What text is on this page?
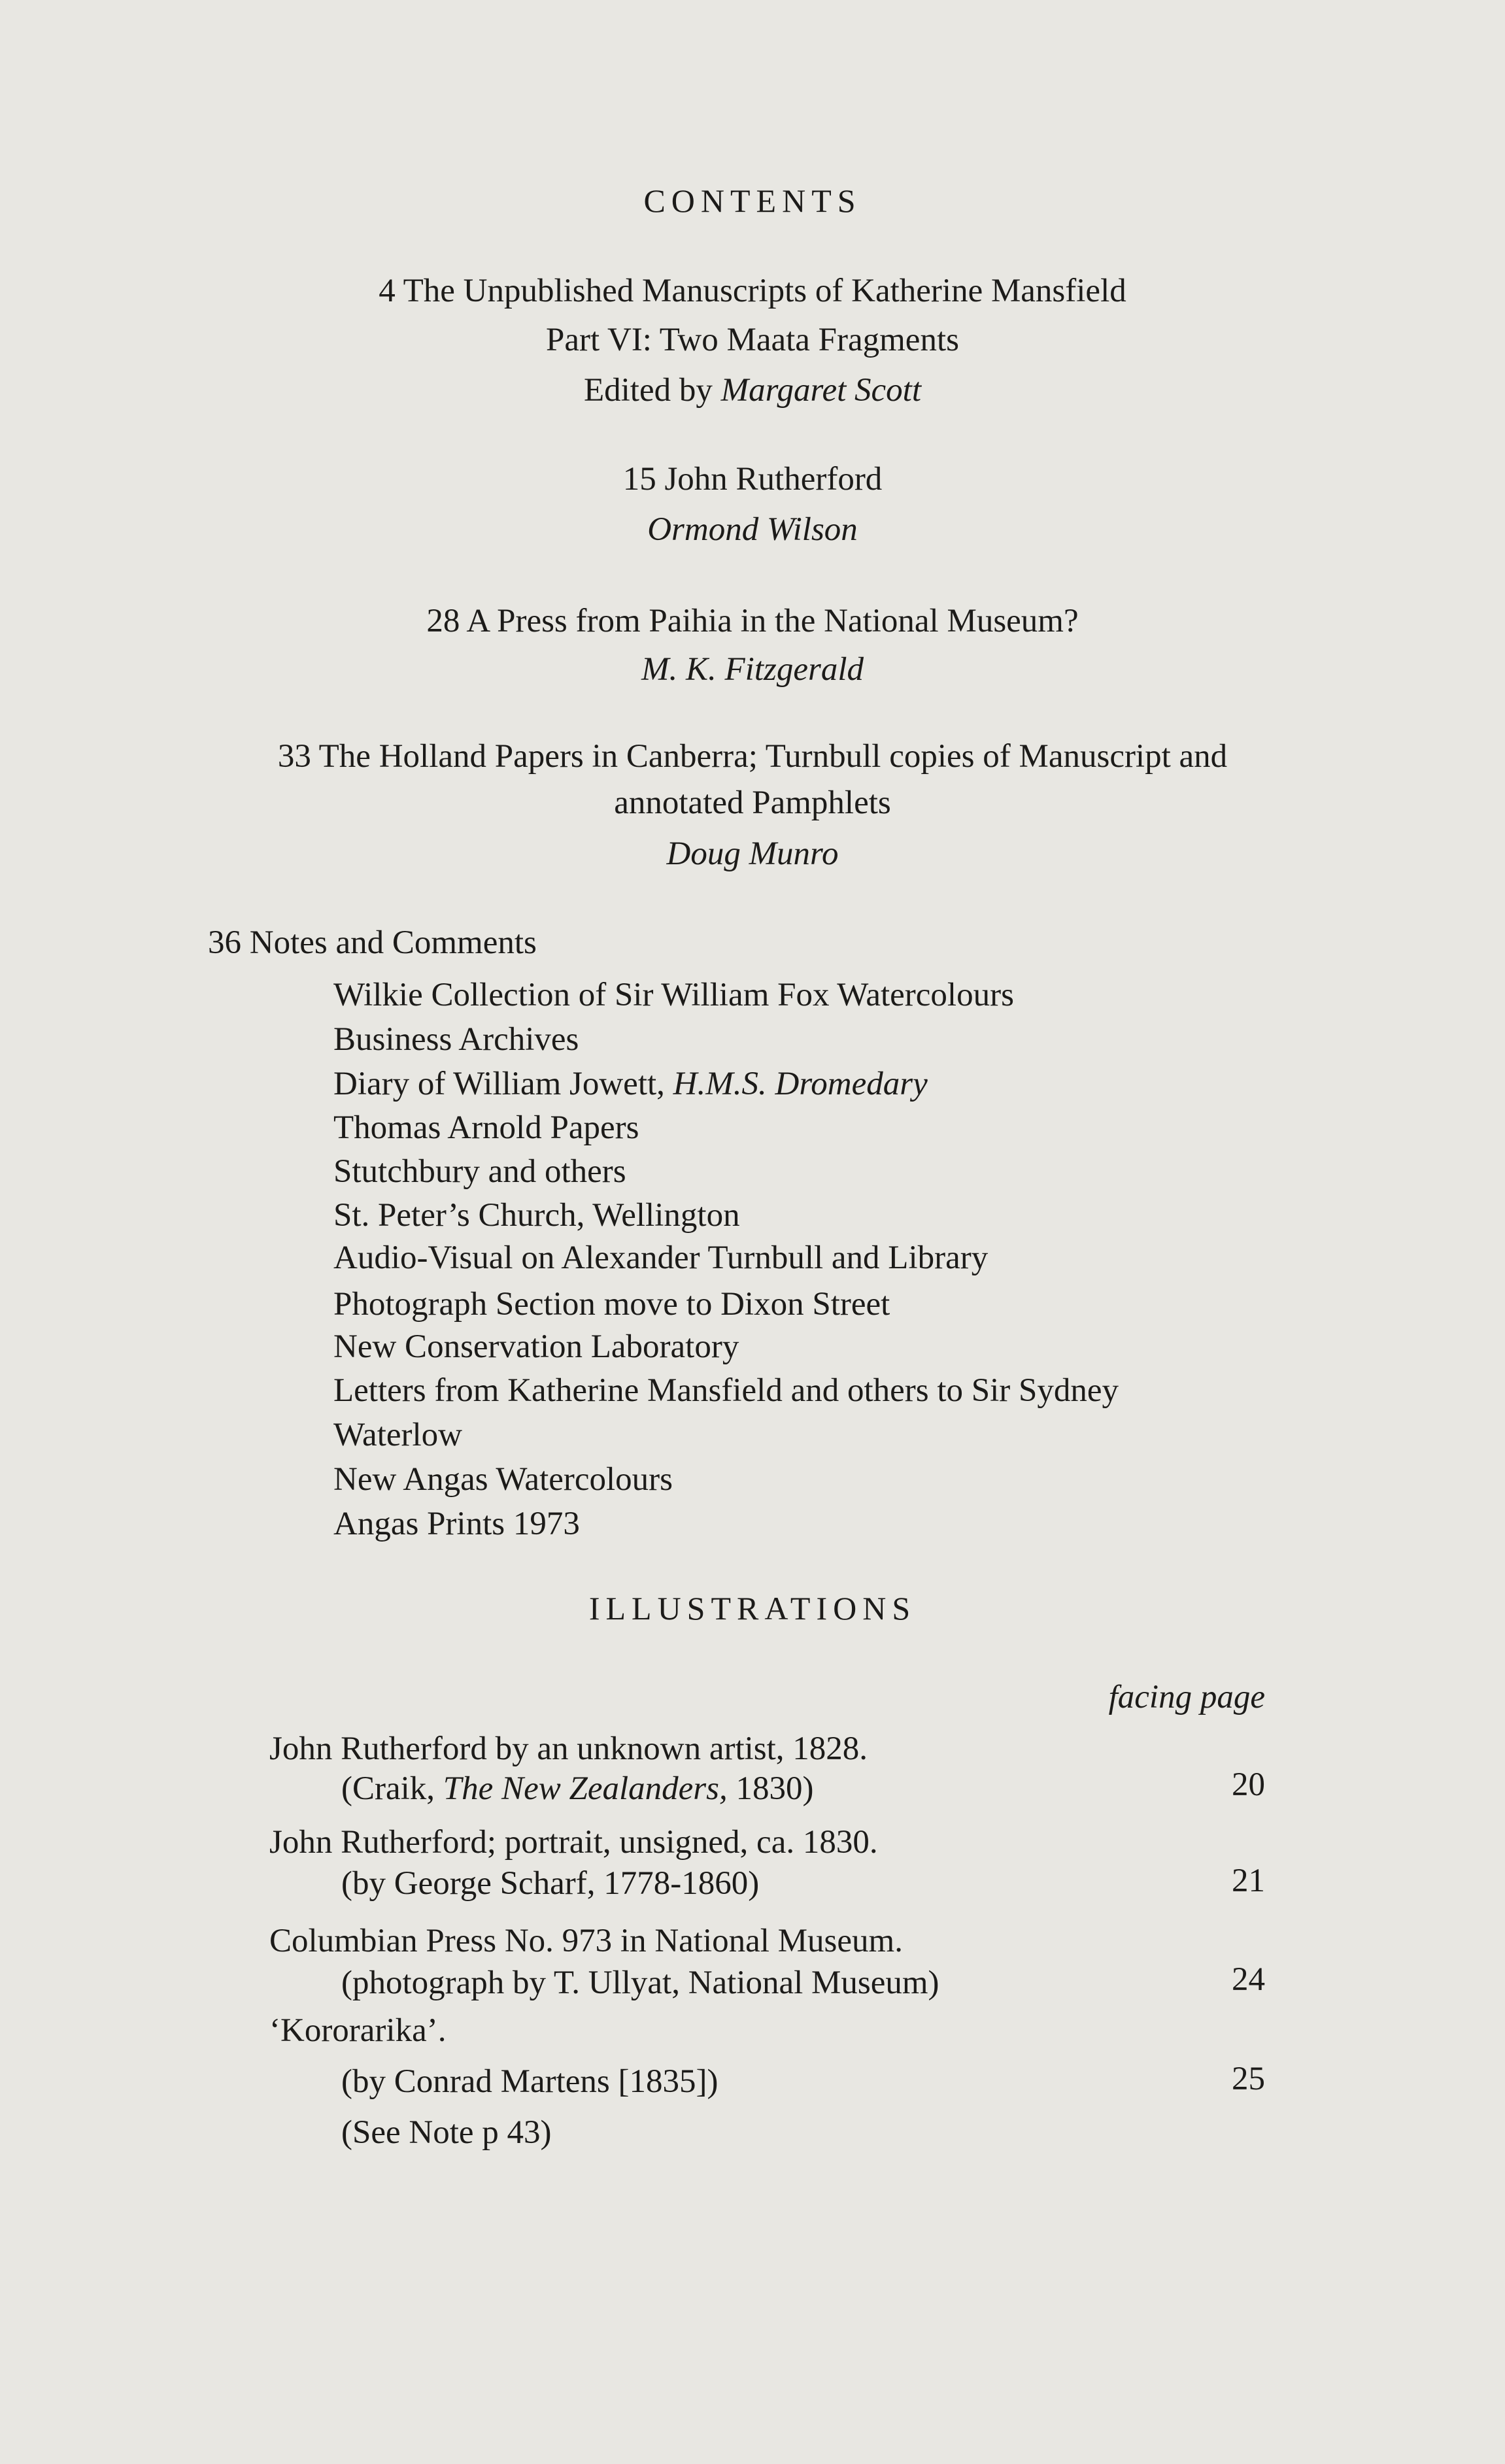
CONTENTS
4 The Unpublished Manuscripts of Katherine Mansfield
Part VI: Two Maata Fragments
Edited by Margaret Scott
15 John Rutherford
Ormond Wilson
28 A Press from Paihia in the National Museum?
M. K. Fitzgerald
33 The Holland Papers in Canberra; Turnbull copies of Manuscript and
annotated Pamphlets
Doug Munro
36 Notes and Comments
Wilkie Collection of Sir William Fox Watercolours
Business Archives
Diary of William Jowett, H.M.S. Dromedary
Thomas Arnold Papers
Stutchbury and others
St. Peter’s Church, Wellington
Audio-Visual on Alexander Turnbull and Library
Photograph Section move to Dixon Street
New Conservation Laboratory
Letters from Katherine Mansfield and others to Sir Sydney
Waterlow
New Angas Watercolours
Angas Prints 1973
ILLUSTRATIONS
facing page
John Rutherford by an unknown artist, 1828.
(Craik, The New Zealanders, 1830)	20
John Rutherford; portrait, unsigned, ca. 1830.
(by George Scharf, 1778-1860)	21
Columbian Press No. 973 in National Museum.
(photograph by T. Ullyat, National Museum)	24
‘Kororarika’.
(by Conrad Martens [1835])	25
(See Note p 43)
